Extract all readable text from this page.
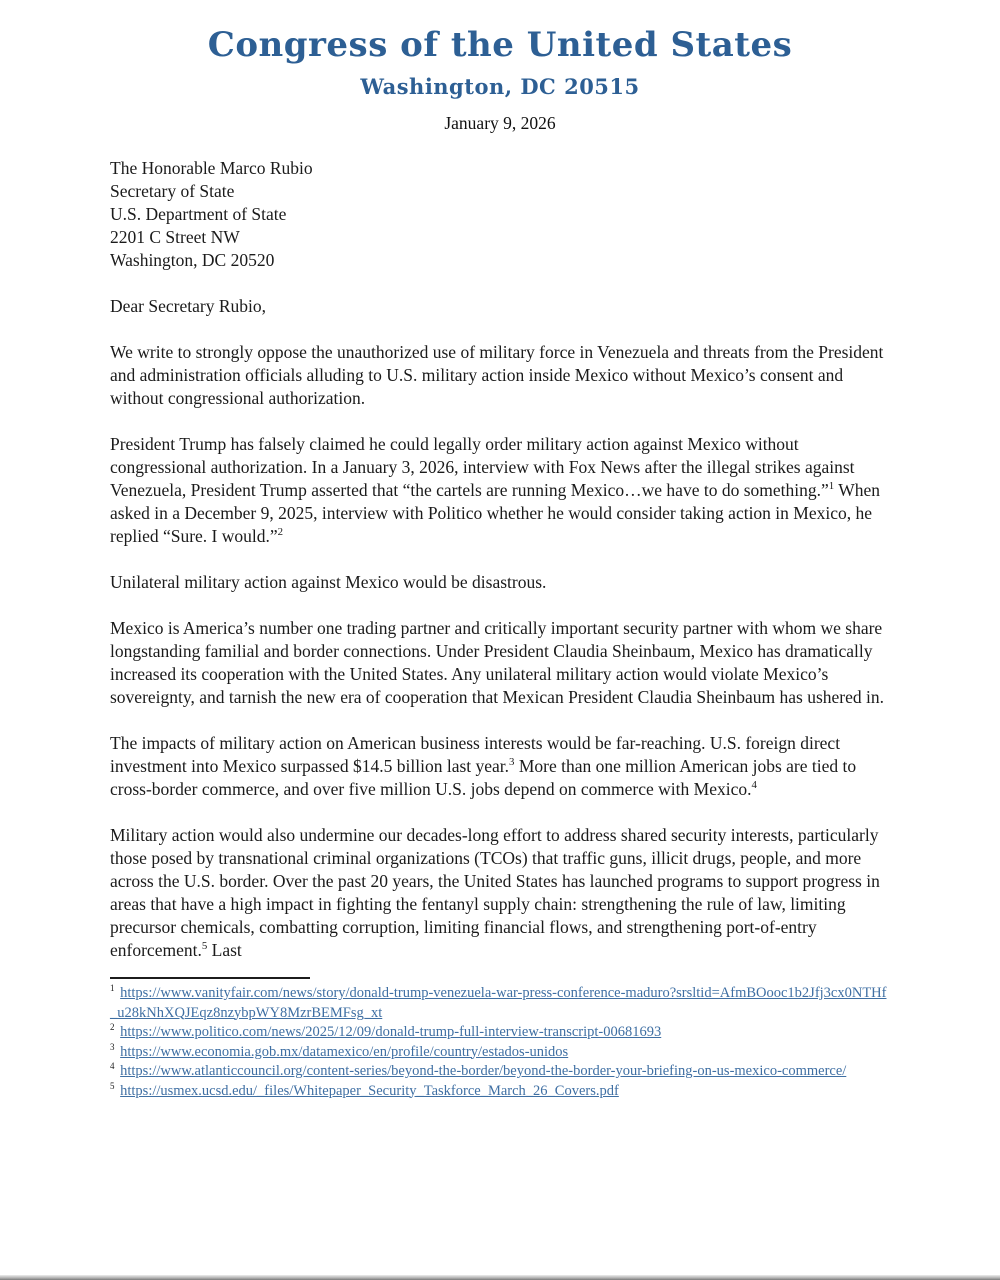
Congress of the United States
Washington, DC 20515
January 9, 2026
The Honorable Marco Rubio
Secretary of State
U.S. Department of State
2201 C Street NW
Washington, DC 20520
Dear Secretary Rubio,

We write to strongly oppose the unauthorized use of military force in Venezuela and threats from the President and administration officials alluding to U.S. military action inside Mexico without Mexico’s consent and without congressional authorization.

President Trump has falsely claimed he could legally order military action against Mexico without congressional authorization. In a January 3, 2026, interview with Fox News after the illegal strikes against Venezuela, President Trump asserted that “the cartels are running Mexico…we have to do something.”$^1$ When asked in a December 9, 2025, interview with Politico whether he would consider taking action in Mexico, he replied “Sure. I would.”$^2$

Unilateral military action against Mexico would be disastrous.

Mexico is America’s number one trading partner and critically important security partner with whom we share longstanding familial and border connections. Under President Claudia Sheinbaum, Mexico has dramatically increased its cooperation with the United States. Any unilateral military action would violate Mexico’s sovereignty, and tarnish the new era of cooperation that Mexican President Claudia Sheinbaum has ushered in.

The impacts of military action on American business interests would be far-reaching. U.S. foreign direct investment into Mexico surpassed $14.5 billion last year.$^3$ More than one million American jobs are tied to cross-border commerce, and over five million U.S. jobs depend on commerce with Mexico.$^4$

Military action would also undermine our decades-long effort to address shared security interests, particularly those posed by transnational criminal organizations (TCOs) that traffic guns, illicit drugs, people, and more across the U.S. border. Over the past 20 years, the United States has launched programs to support progress in areas that have a high impact in fighting the fentanyl supply chain: strengthening the rule of law, limiting precursor chemicals, combatting corruption, limiting financial flows, and strengthening port-of-entry enforcement.$^5$ Last

$^1$ https://www.vanityfair.com/news/story/donald-trump-venezuela-war-press-conference-maduro?srsltid=AfmBOooc1b2Jfj3cx0NTHf_u28kNhXQJEqz8nzybpWY8MzrBEMFsg_xt
$^2$ https://www.politico.com/news/2025/12/09/donald-trump-full-interview-transcript-00681693
$^3$ https://www.economia.gob.mx/datamexico/en/profile/country/estados-unidos
$^4$ https://www.atlanticcouncil.org/content-series/beyond-the-border/beyond-the-border-your-briefing-on-us-mexico-commerce/
$^5$ https://usmex.ucsd.edu/_files/Whitepaper_Security_Taskforce_March_26_Covers.pdf
